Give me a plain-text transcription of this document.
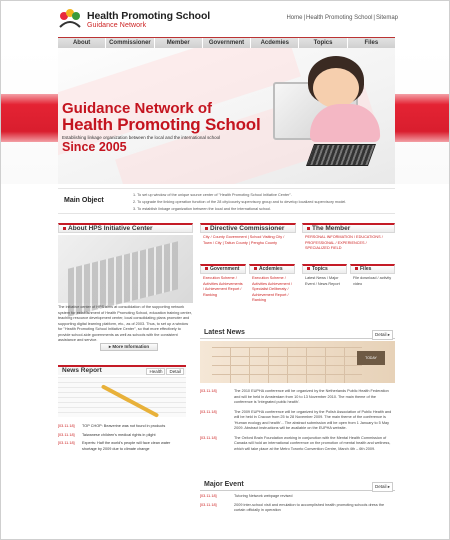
Health Promoting School
Guidance Network
Home|Health Promoting School|Sitemap
About	Commissioner	Member	Government	Acdemies	Topics	Files
Guidance Network of
Health Promoting School
Establishing linkage organization between the local and the international school
Since 2005
Main Object
1. To set up window of the unique source center of "Health Promoting School Initiative Center".
2. To upgrade the linking operation function of the 28 city/county supervisory group and to develop localized supervisory model.
3. To establish linkage organization between the local and the international school.
About HPS Initiative Center
The initiative center of HPS aims at consolidation of the supporting network system for establishment of Health Promoting School, education training center, teaching resource development center, local consolidating plans promoter and supporting digital learning platform, etc., as of 2003. Thus, to set up a window for "Health Promoting School Initiative Center", so that more effectively to provide school-side governments as well as schools with the consistent assistance and service.
▸ More Information
Directive Commissioner
City / County Government | School Visiting City / Town / City | Taitun County | Penghu County
Government
Execution Scheme / Activities Achievements / Achievement Report / Ranking
Acdemies
Execution Scheme / Activities Achievement / Specialist Deliberaty / Achievement Report / Ranking
The Member
PERSONAL INFORMATION / EDUCATIONS / PROFESSIONAL / EXPERIENCES / SPECIALIZED FIELD
Topics
Latest News / Major Event / News Report
Files
File download / activity video
News Report	Health Detail
[03.11.18]	TOP CHOP: Beaverine was not found in products
[03.11.18]	Taiwanese children's medical rights in plight
[03.11.18]	Experts: Half the world's people will face clean water shortage by 2009 due to climate change
Latest News	Detail ▸
TODAY
[03.11.18]	The 2010 EUPHA conference will be organized by the Netherlands Public Health Federation and will be held in Amsterdam from 10 to 13 November 2010. The main theme of the conference is 'Integrated public health'.
[03.11.18]	The 2009 EUPHA conference will be organized by the Polish Association of Public Health and will be held in Cracow from 25 to 28 November 2009. The main theme of the conference is 'Human ecology and health'... The abstract submission will be open from 1 January to 5 May 2009. Abstract instructions will be available on the EUPHA website.
[03.11.18]	The Oxford Brain Foundation working in conjunction with the Mental Health Commission of Canada will hold an international conference on the promotion of mental health and wellness, which will take place at the Metro Toronto Convention Centre, March 4th – 6th 2009.
Major Event	Detail ▸
[03.11.18]	Tutoring Network webpage revised
[03.11.18]	2009 inter-school visit and emulation to accomplished health promoting schools dress the curtain officially in operation
